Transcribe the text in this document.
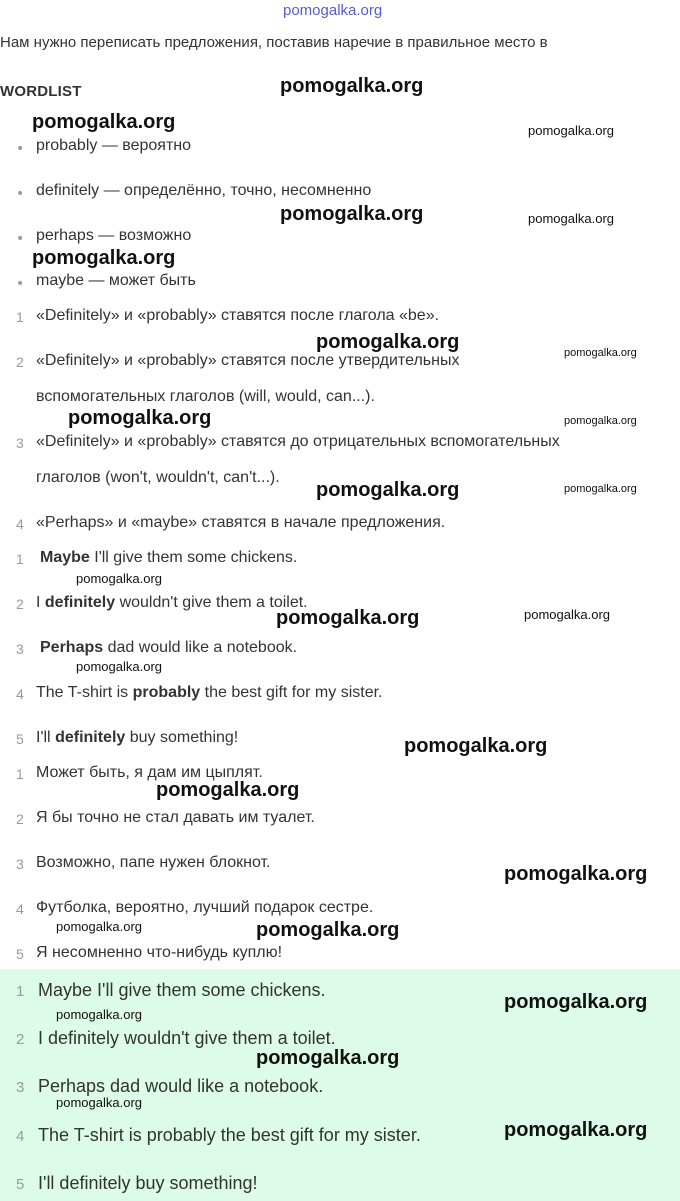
pomogalka.org
Нам нужно переписать предложения, поставив наречие в правильное место в
WORDLIST
• probably — вероятно
• definitely — определённо, точно, несомненно
• perhaps — возможно
• maybe — может быть
1 «Definitely» и «probably» ставятся после глагола «be».
2 «Definitely» и «probably» ставятся после утвердительных
вспомогательных глаголов (will, would, can...).
3 «Definitely» и «probably» ставятся до отрицательных вспомогательных
глаголов (won't, wouldn't, can't...).
4 «Perhaps» и «maybe» ставятся в начале предложения.
1 Maybe I'll give them some chickens.
2 I definitely wouldn't give them a toilet.
3 Perhaps dad would like a notebook.
4 The T-shirt is probably the best gift for my sister.
5 I'll definitely buy something!
1 Может быть, я дам им цыплят.
2 Я бы точно не стал давать им туалет.
3 Возможно, папе нужен блокнот.
4 Футболка, вероятно, лучший подарок сестре.
5 Я несомненно что-нибудь куплю!
1 Maybe I'll give them some chickens.
2 I definitely wouldn't give them a toilet.
3 Perhaps dad would like a notebook.
4 The T-shirt is probably the best gift for my sister.
5 I'll definitely buy something!
pomogalka.org
pomogalka.org	pomogalka.org
pomogalka.org	pomogalka.org
pomogalka.org
pomogalka.org	pomogalka.org
pomogalka.org	pomogalka.org
pomogalka.org	pomogalka.org
pomogalka.org
pomogalka.org	pomogalka.org
pomogalka.org
pomogalka.org
pomogalka.org
pomogalka.org
pomogalka.org	pomogalka.org
pomogalka.org
pomogalka.org
pomogalka.org
pomogalka.org
pomogalka.org
